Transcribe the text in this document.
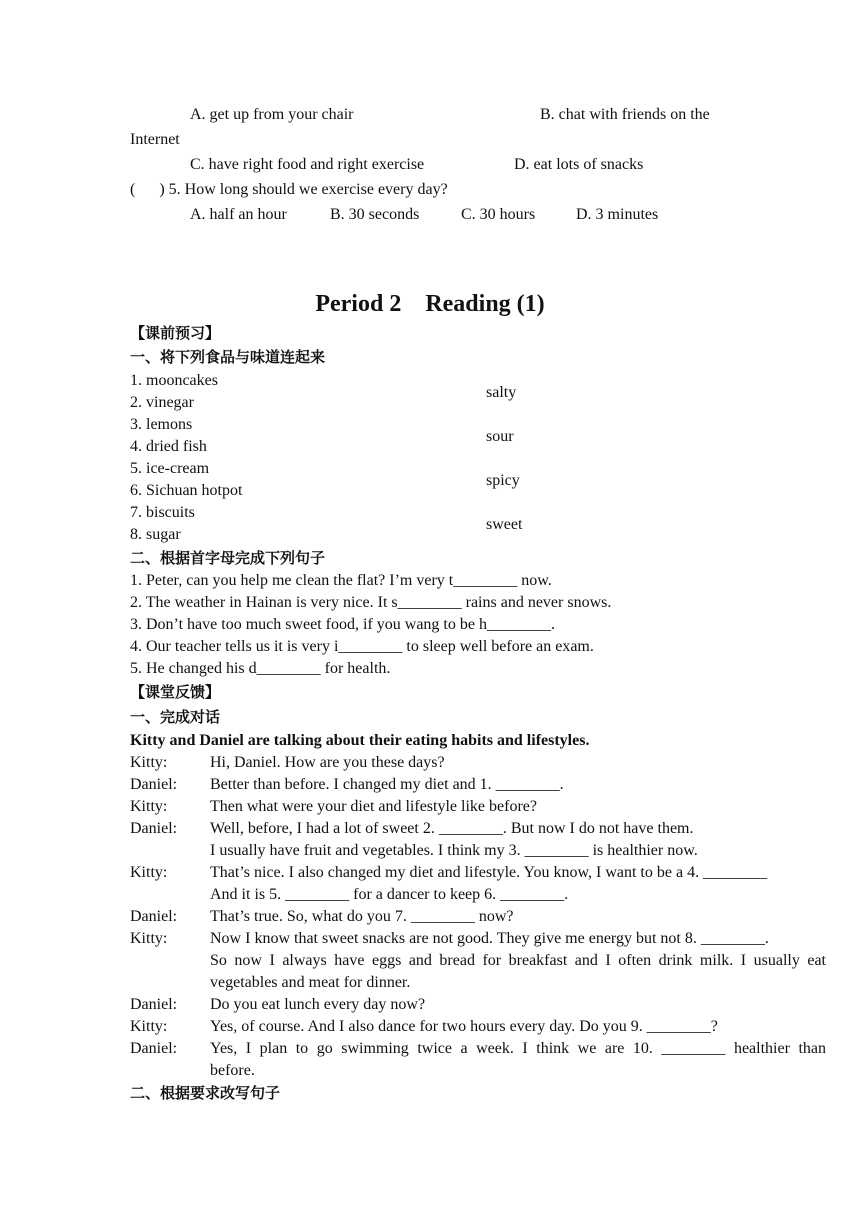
A. get up from your chair	B. chat with friends on the
Internet
C. have right food and right exercise	D. eat lots of snacks
(      ) 5. How long should we exercise every day?
A. half an hour	B. 30 seconds	C. 30 hours	D. 3 minutes
Period 2    Reading (1)
【课前预习】
一、将下列食品与味道连起来
1. mooncakes
2. vinegar
3. lemons
4. dried fish
5. ice-cream
6. Sichuan hotpot
7. biscuits
8. sugar
salty
sour
spicy
sweet
二、根据首字母完成下列句子
1. Peter, can you help me clean the flat? I’m very t________ now.
2. The weather in Hainan is very nice. It s________ rains and never snows.
3. Don’t have too much sweet food, if you wang to be h________.
4. Our teacher tells us it is very i________ to sleep well before an exam.
5. He changed his d________ for health.
【课堂反馈】
一、完成对话
Kitty and Daniel are talking about their eating habits and lifestyles.
Kitty:	Hi, Daniel. How are you these days?
Daniel: Better than before. I changed my diet and 1. ________.
Kitty:	Then what were your diet and lifestyle like before?
Daniel: Well, before, I had a lot of sweet 2. ________. But now I do not have them.
I usually have fruit and vegetables. I think my 3. ________ is healthier now.
Kitty:	That’s nice. I also changed my diet and lifestyle. You know, I want to be a 4. ________
And it is 5. ________ for a dancer to keep 6. ________.
Daniel: That’s true. So, what do you 7. ________ now?
Kitty:	Now I know that sweet snacks are not good. They give me energy but not 8. ________.
So now I always have eggs and bread for breakfast and I often drink milk. I usually eat
vegetables and meat for dinner.
Daniel: Do you eat lunch every day now?
Kitty:	Yes, of course. And I also dance for two hours every day. Do you 9. ________?
Daniel: Yes, I plan to go swimming twice a week. I think we are 10. ________ healthier than
before.
二、根据要求改写句子
